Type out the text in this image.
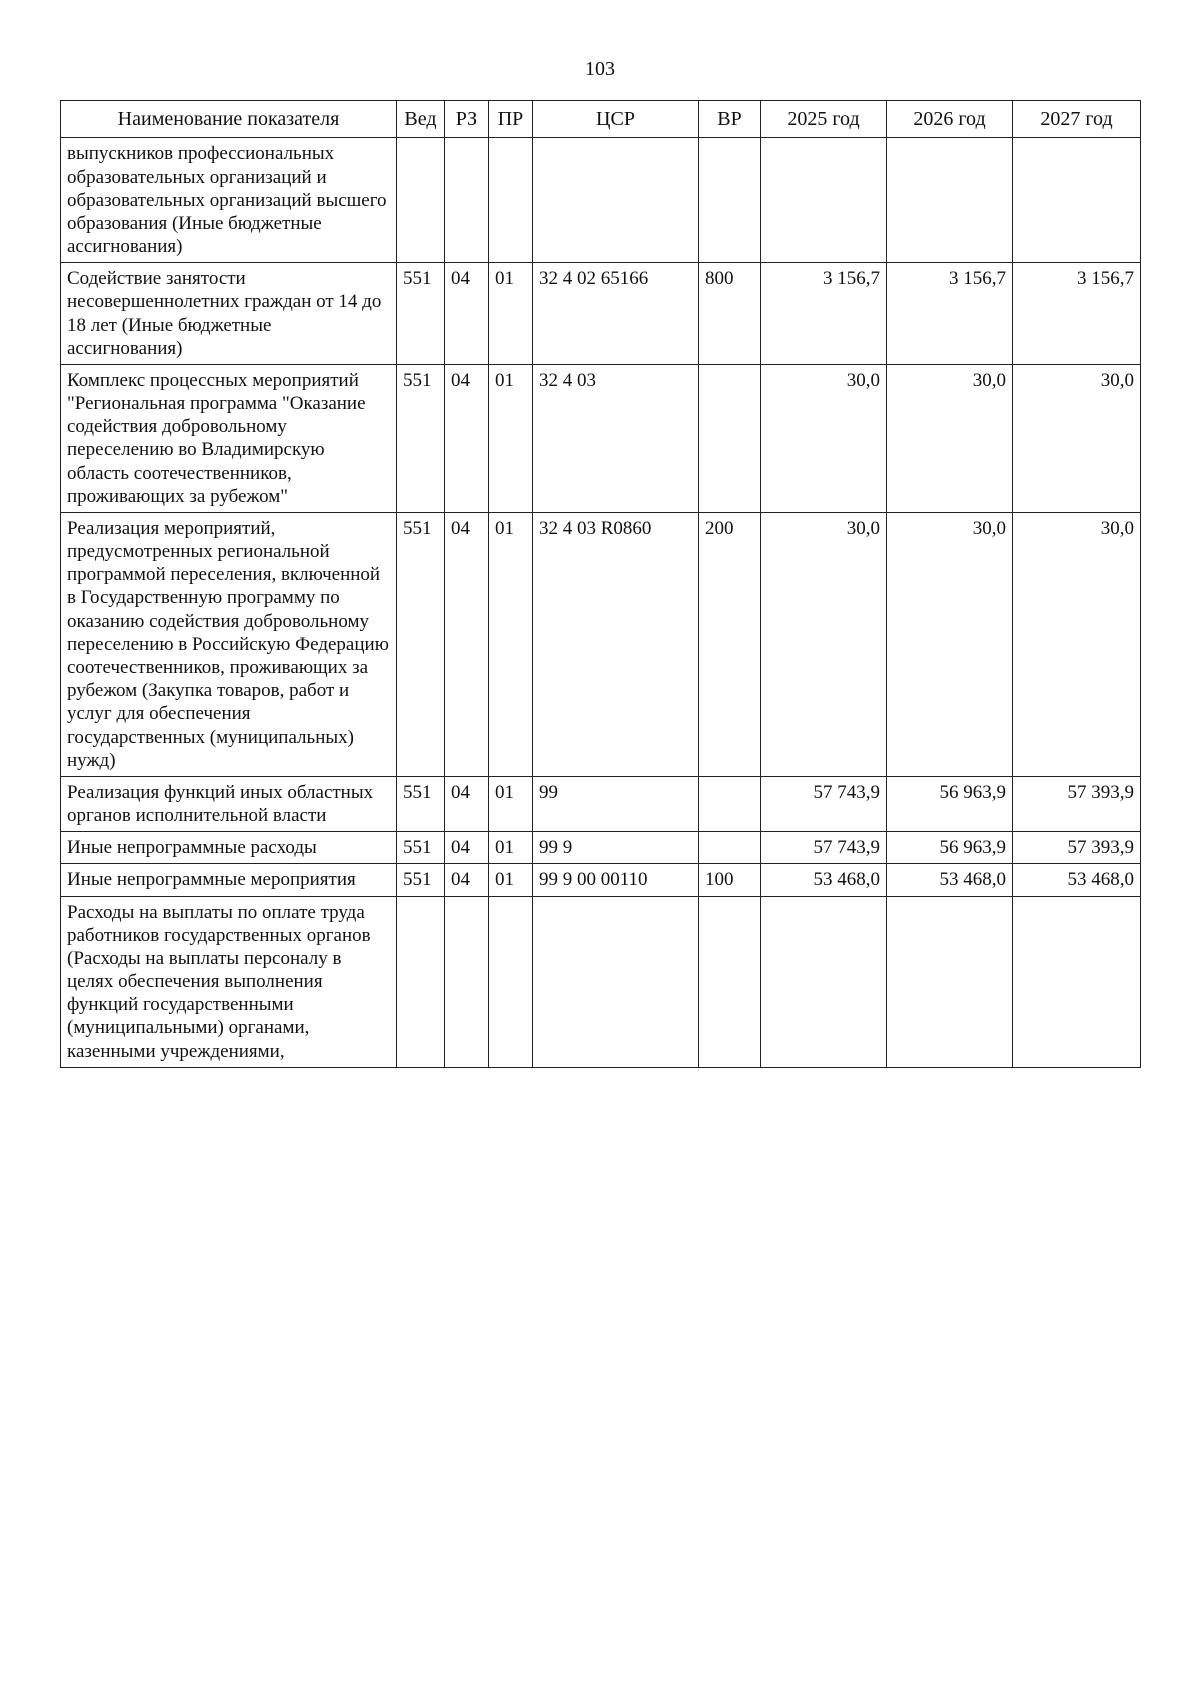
103
Наименование показателя	Вед	РЗ	ПР	ЦСР	ВР	2025 год	2026 год	2027 год
выпускников профессиональных образовательных организаций и образовательных организаций высшего образования (Иные бюджетные ассигнования)								
Содействие занятости несовершеннолетних граждан от 14 до 18 лет (Иные бюджетные ассигнования)	551	04	01	32 4 02 65166	800	3 156,7	3 156,7	3 156,7
Комплекс процессных мероприятий "Региональная программа "Оказание содействия добровольному переселению во Владимирскую область соотечественников, проживающих за рубежом"	551	04	01	32 4 03		30,0	30,0	30,0
Реализация мероприятий, предусмотренных региональной программой переселения, включенной в Государственную программу по оказанию содействия добровольному переселению в Российскую Федерацию соотечественников, проживающих за рубежом (Закупка товаров, работ и услуг для обеспечения государственных (муниципальных) нужд)	551	04	01	32 4 03 R0860	200	30,0	30,0	30,0
Реализация функций иных областных органов исполнительной власти	551	04	01	99		57 743,9	56 963,9	57 393,9
Иные непрограммные расходы	551	04	01	99 9		57 743,9	56 963,9	57 393,9
Иные непрограммные мероприятия	551	04	01	99 9 00 00110	100	53 468,0	53 468,0	53 468,0
Расходы на выплаты по оплате труда работников государственных органов (Расходы на выплаты персоналу в целях обеспечения выполнения функций государственными (муниципальными) органами, казенными учреждениями,								
